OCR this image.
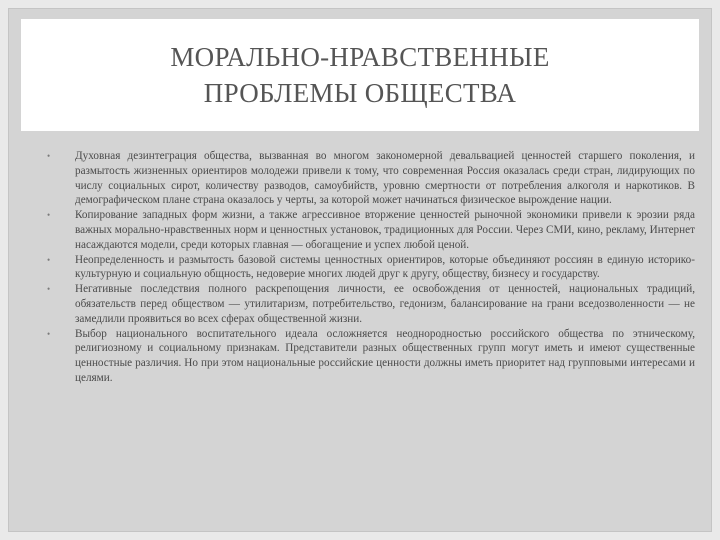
МОРАЛЬНО-НРАВСТВЕННЫЕ
ПРОБЛЕМЫ ОБЩЕСТВА
• Духовная дезинтеграция общества, вызванная во многом закономерной девальвацией ценностей старшего поколения, и размытость жизненных ориентиров молодежи привели к тому, что современная Россия оказалась среди стран, лидирующих по числу социальных сирот, количеству разводов, самоубийств, уровню смертности от потребления алкоголя и наркотиков. В демографическом плане страна оказалось у черты, за которой может начинаться физическое вырождение нации.
• Копирование западных форм жизни, а также агрессивное вторжение ценностей рыночной экономики привели к эрозии ряда важных морально-нравственных норм и ценностных установок, традиционных для России. Через СМИ, кино, рекламу, Интернет насаждаются модели, среди которых главная — обогащение и успех любой ценой.
• Неопределенность и размытость базовой системы ценностных ориентиров, которые объединяют россиян в единую историко-культурную и социальную общность, недоверие многих людей друг к другу, обществу, бизнесу и государству.
• Негативные последствия полного раскрепощения личности, ее освобождения от ценностей, национальных традиций, обязательств перед обществом — утилитаризм, потребительство, гедонизм, балансирование на грани вседозволенности — не замедлили проявиться во всех сферах общественной жизни.
• Выбор национального воспитательного идеала осложняется неоднородностью российского общества по этническому, религиозному и социальному признакам. Представители разных общественных групп могут иметь и имеют существенные ценностные различия. Но при этом национальные российские ценности должны иметь приоритет над групповыми интересами и целями.
